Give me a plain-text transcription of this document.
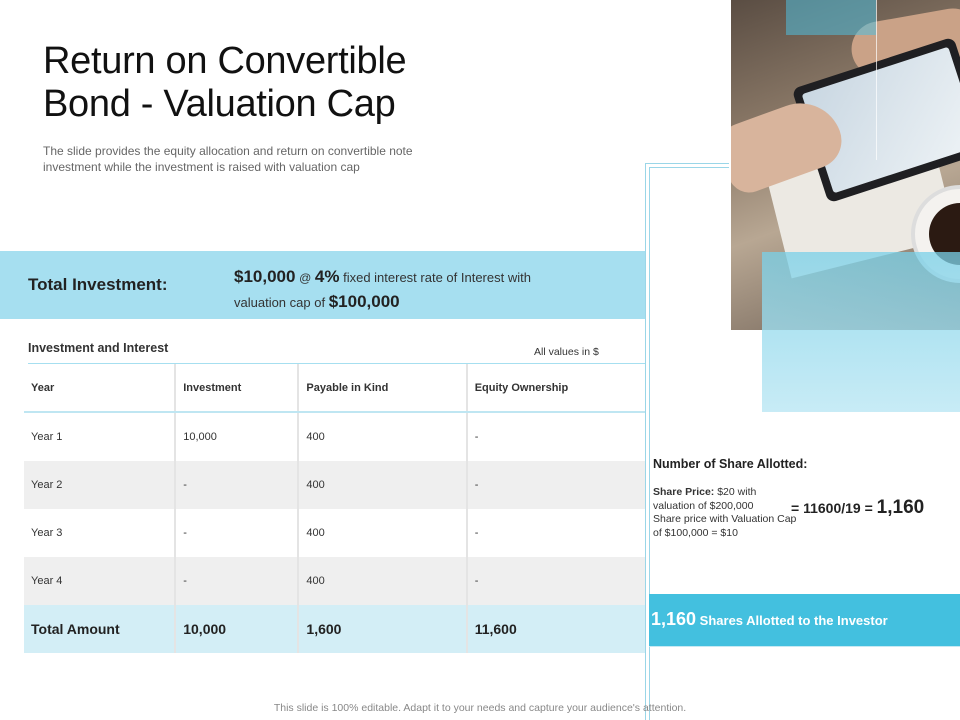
Return on Convertible
Bond - Valuation Cap
The slide provides the equity allocation and return on convertible note investment while the investment is raised with valuation cap
Total Investment:	$10,000 @ 4% fixed interest rate of Interest with
valuation cap of $100,000
Investment and Interest	All values in $
Year	Investment	Payable in Kind	Equity Ownership
Year 1	10,000	400	-
Year 2	-	400	-
Year 3	-	400	-
Year 4	-	400	-
Total Amount	10,000	1,600	11,600
Number of Share Allotted:
Share Price: $20 with valuation of $200,000
Share price with Valuation Cap of $100,000 = $10
= 11600/19 = 1,160
1,160 Shares Allotted to the Investor
This slide is 100% editable. Adapt it to your needs and capture your audience's attention.
